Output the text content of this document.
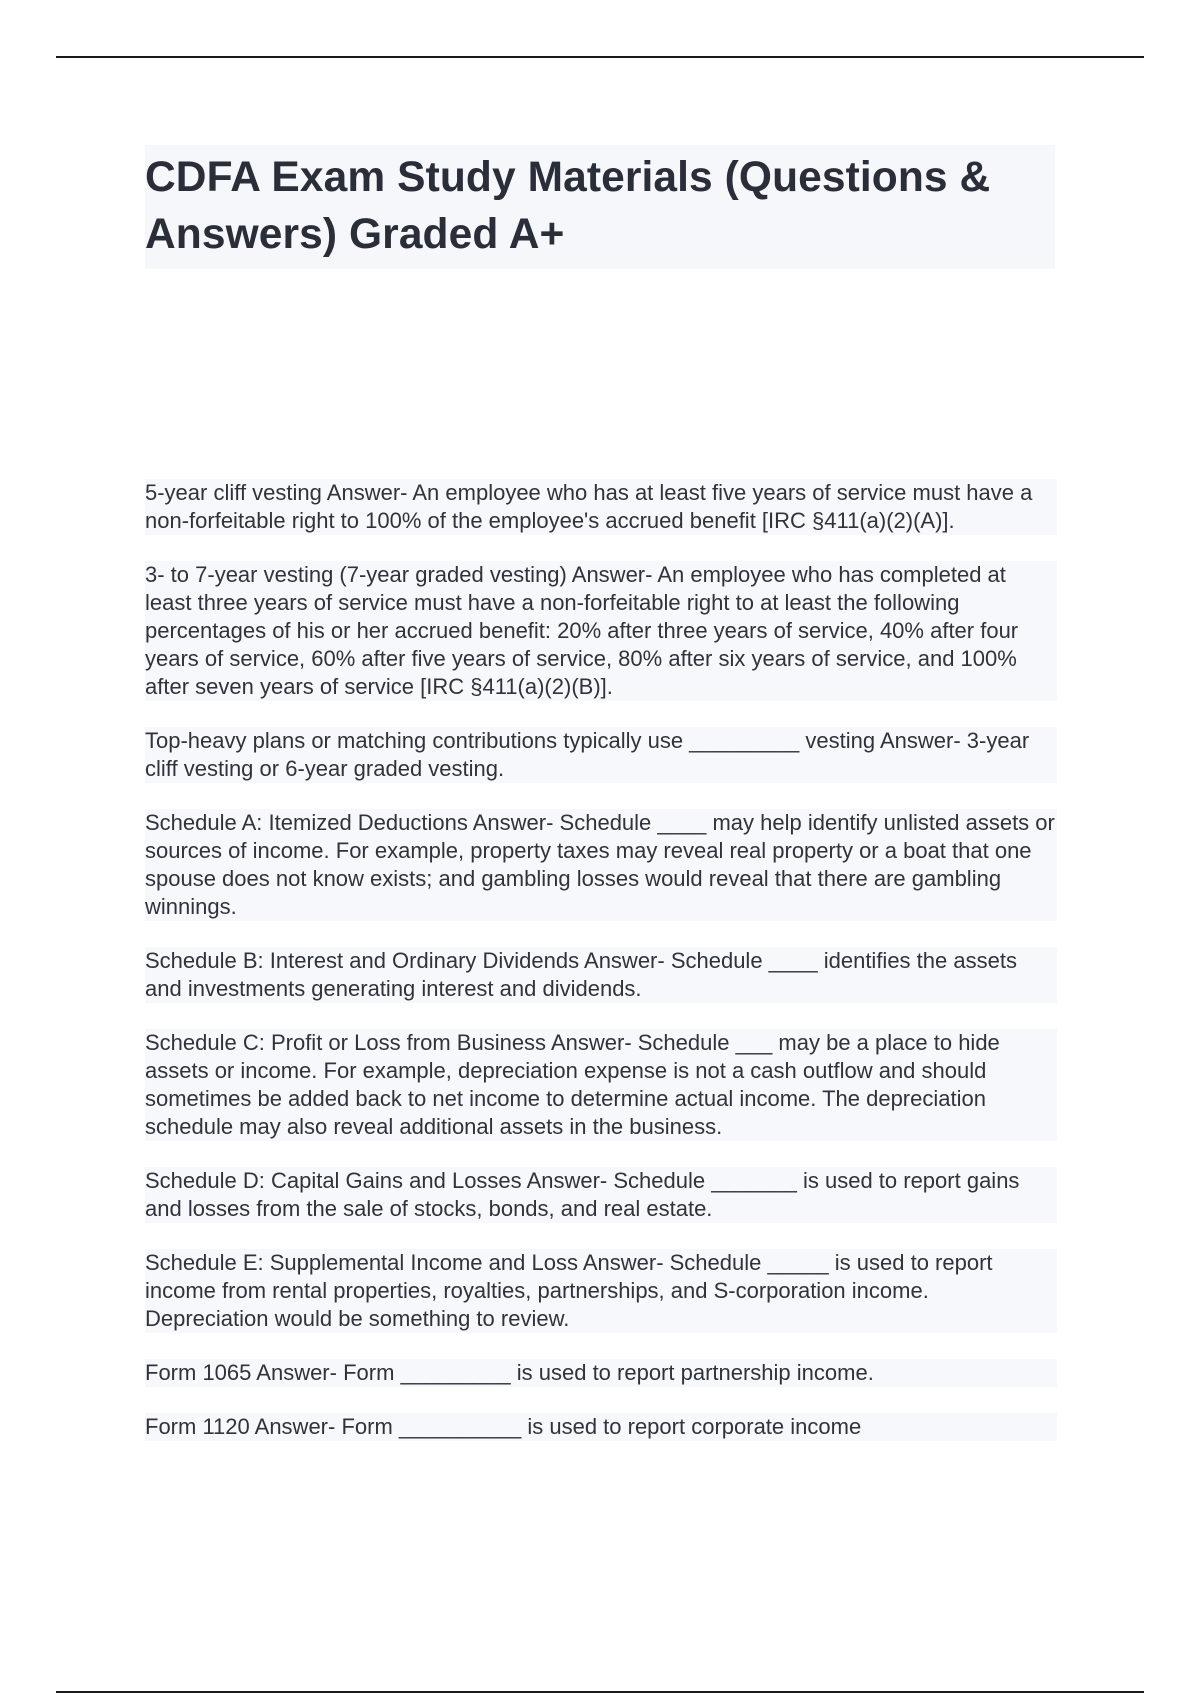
CDFA Exam Study Materials (Questions & Answers) Graded A+

5-year cliff vesting Answer- An employee who has at least five years of service must have a non-forfeitable right to 100% of the employee's accrued benefit [IRC §411(a)(2)(A)].

3- to 7-year vesting (7-year graded vesting) Answer- An employee who has completed at least three years of service must have a non-forfeitable right to at least the following percentages of his or her accrued benefit: 20% after three years of service, 40% after four years of service, 60% after five years of service, 80% after six years of service, and 100% after seven years of service [IRC §411(a)(2)(B)].

Top-heavy plans or matching contributions typically use _________ vesting Answer- 3-year cliff vesting or 6-year graded vesting.

Schedule A: Itemized Deductions Answer- Schedule ____ may help identify unlisted assets or sources of income. For example, property taxes may reveal real property or a boat that one spouse does not know exists; and gambling losses would reveal that there are gambling winnings.

Schedule B: Interest and Ordinary Dividends Answer- Schedule ____ identifies the assets and investments generating interest and dividends.

Schedule C: Profit or Loss from Business Answer- Schedule ___ may be a place to hide assets or income. For example, depreciation expense is not a cash outflow and should sometimes be added back to net income to determine actual income. The depreciation schedule may also reveal additional assets in the business.

Schedule D: Capital Gains and Losses Answer- Schedule _______ is used to report gains and losses from the sale of stocks, bonds, and real estate.

Schedule E: Supplemental Income and Loss Answer- Schedule _____ is used to report income from rental properties, royalties, partnerships, and S-corporation income. Depreciation would be something to review.

Form 1065 Answer- Form _________ is used to report partnership income.

Form 1120 Answer- Form __________ is used to report corporate income
